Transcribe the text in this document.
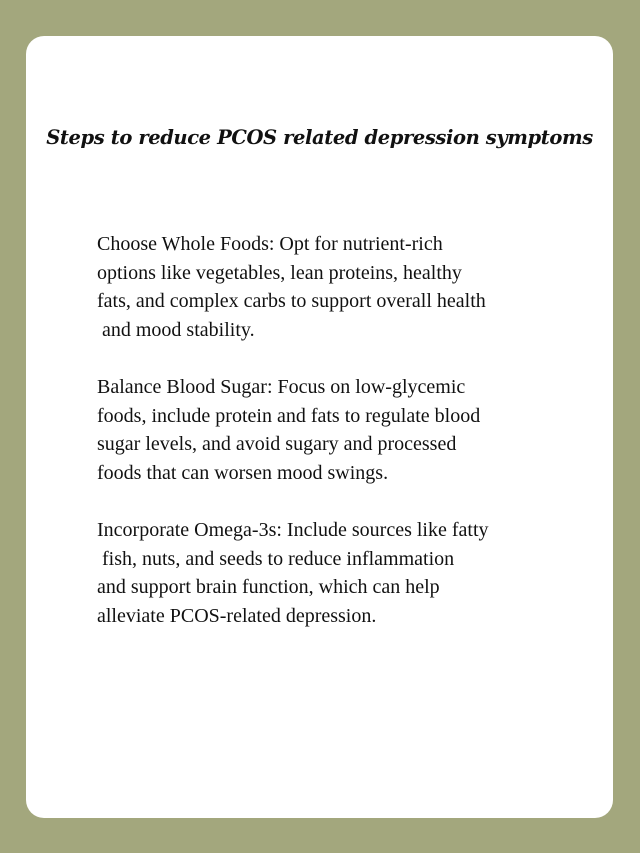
Steps to reduce PCOS related depression symptoms

Choose Whole Foods: Opt for nutrient-rich
options like vegetables, lean proteins, healthy
fats, and complex carbs to support overall health
and mood stability.

Balance Blood Sugar: Focus on low-glycemic
foods, include protein and fats to regulate blood
sugar levels, and avoid sugary and processed
foods that can worsen mood swings.

Incorporate Omega-3s: Include sources like fatty
fish, nuts, and seeds to reduce inflammation
and support brain function, which can help
alleviate PCOS-related depression.
